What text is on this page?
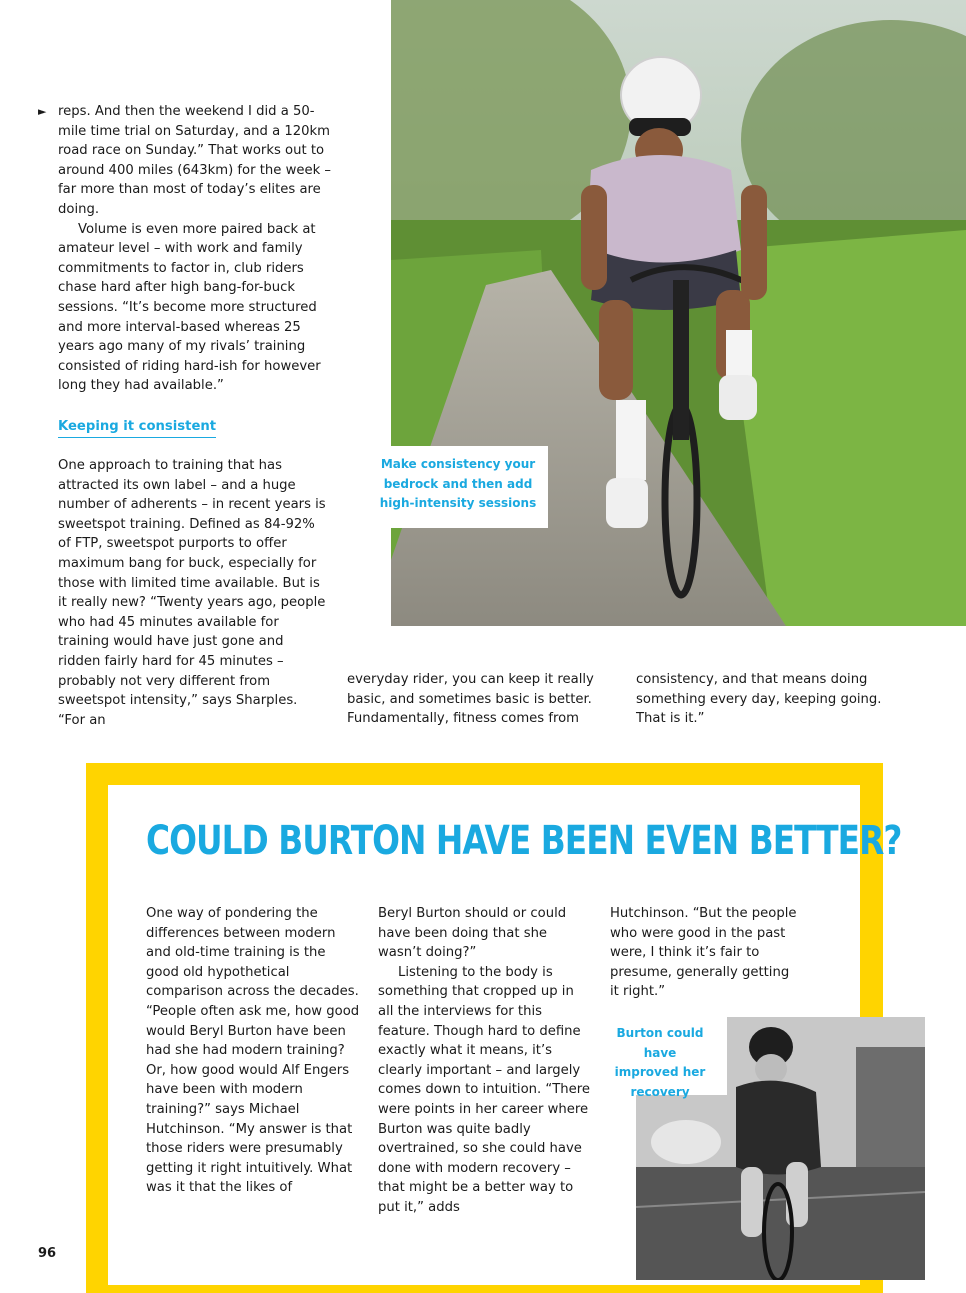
Make consistency your bedrock and then add high-intensity sessions
► reps. And then the weekend I did a 50-mile time trial on Saturday, and a 120km road race on Sunday.” That works out to around 400 miles (643km) for the week – far more than most of today’s elites are doing.

Volume is even more paired back at amateur level – with work and family commitments to factor in, club riders chase hard after high bang-for-buck sessions. “It’s become more structured and more interval-based whereas 25 years ago many of my rivals’ training consisted of riding hard-ish for however long they had available.”

Keeping it consistent

One approach to training that has attracted its own label – and a huge number of adherents – in recent years is sweetspot training. Defined as 84-92% of FTP, sweetspot purports to offer maximum bang for buck, especially for those with limited time available. But is it really new? “Twenty years ago, people who had 45 minutes available for training would have just gone and ridden fairly hard for 45 minutes – probably not very different from sweetspot intensity,” says Sharples. “For an

everyday rider, you can keep it really basic, and sometimes basic is better. Fundamentally, fitness comes from

consistency, and that means doing something every day, keeping going. That is it.”

COULD BURTON HAVE BEEN EVEN BETTER?

One way of pondering the differences between modern and old-time training is the good old hypothetical comparison across the decades. “People often ask me, how good would Beryl Burton have been had she had modern training? Or, how good would Alf Engers have been with modern training?” says Michael Hutchinson. “My answer is that those riders were presumably getting it right intuitively. What was it that the likes of

Beryl Burton should or could have been doing that she wasn’t doing?”

Listening to the body is something that cropped up in all the interviews for this feature. Though hard to define exactly what it means, it’s clearly important – and largely comes down to intuition. “There were points in her career where Burton was quite badly overtrained, so she could have done with modern recovery – that might be a better way to put it,” adds

Hutchinson. “But the people who were good in the past were, I think it’s fair to presume, generally getting it right.”

Burton could have improved her recovery
96
